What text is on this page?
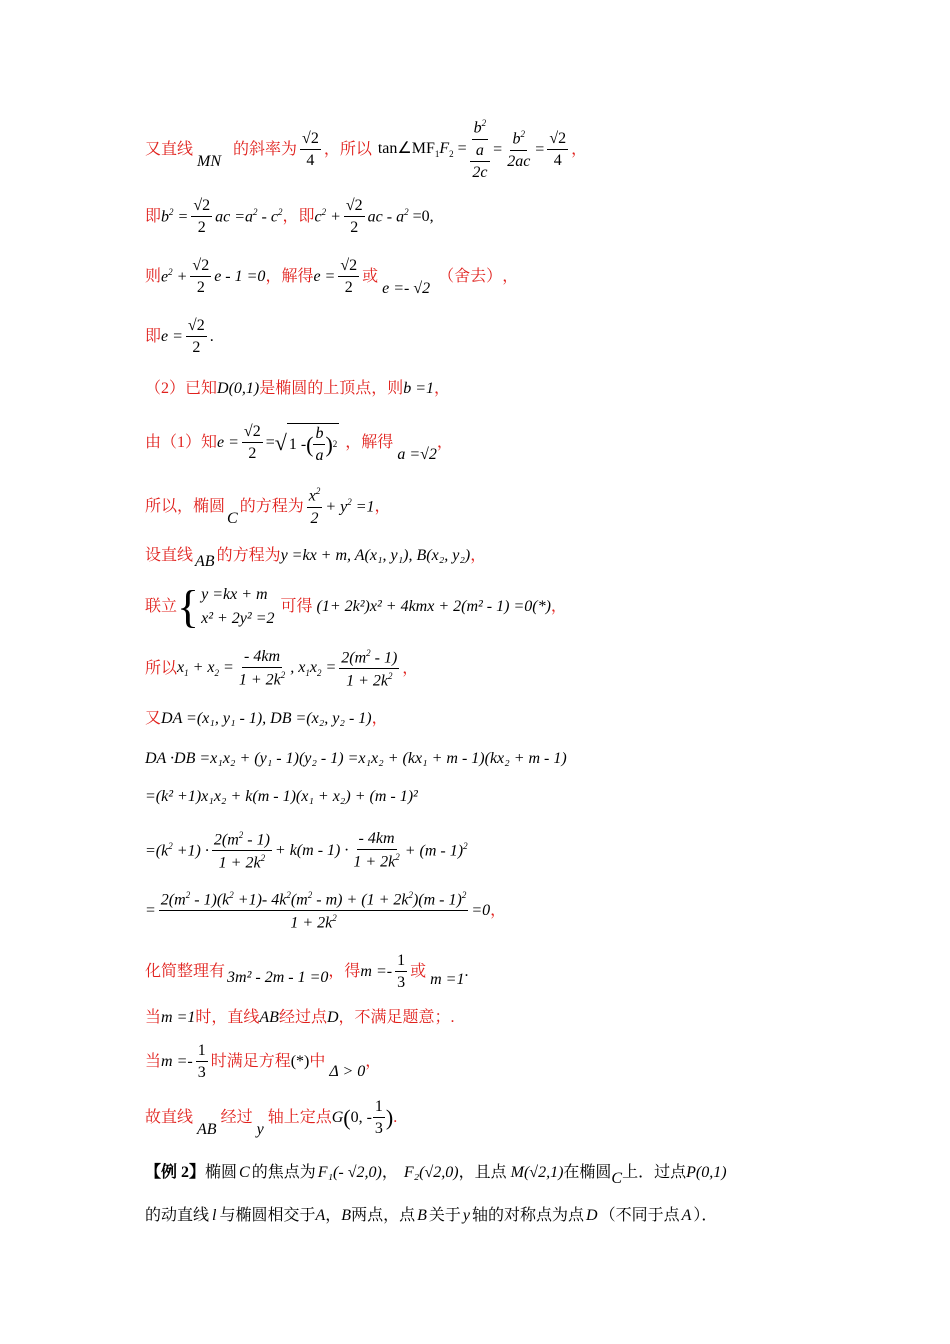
又直线
MN
的斜率为 $\frac{√2}{4}$ ，所以 $\tan\angle MF_1F_2 = \frac{\frac{b^2}{a}}{2c} = \frac{b^2}{2ac} = \frac{√2}{4}$ ，
即 $b^2 = \frac{√2}{2}$ ac $=a^2 - c^2$ ，即 $c^2 + \frac{√2}{2}$ ac - $a^2 =0$,
则 $e^2 + \frac{√2}{2}$ e - 1 =0 ，解得 $e = \frac{√2}{2}$ 或
e =- √2
（舍去） ，
即 $e = \frac{√2}{2}$ .
（2）已知 D(0,1) 是椭圆的上顶点，则 b =1 ，
由（1）知 $e = \frac{√2}{2}$ = √ 1 - ( $\frac{b}{a}$ ) 2 ，解得
a =√2
，
所以，椭圆
C
的方程为 $\frac{x^2}{2} + y^2 =1$ ，
设直线 AB 的方程为 y =kx + m, A(x₁, y₁), B(x₂, y₂) ，
联立 { y =kx + m
x² + 2y² =2
可得 (1+ 2k²)x² + 4kmx + 2(m² - 1) =0(*) ，
所以 $x_1 + x_2 = \frac{- 4km}{1 + 2k^2}$ , $x_1x_2 = \frac{2(m^2 - 1)}{1 + 2k^2}$ ，
又 DA =(x₁, y₁ - 1), DB =(x₂, y₂ - 1) ，
DA ·DB =x₁x₂ + (y₁ - 1)(y₂ - 1) =x₁x₂ + (kx₁ + m - 1)(kx₂ + m - 1)
=(k² +1)x₁x₂ + k(m - 1)(x₁ + x₂) + (m - 1)²
$=(k^2 +1) \cdot \frac{2(m^2 - 1)}{1 + 2k^2} + k(m - 1) \cdot \frac{- 4km}{1 + 2k^2} + (m - 1)^2$
= $\frac{2(m^2 - 1)(k^2 +1)- 4k^2(m^2 - m) + (1 + 2k^2)(m - 1)^2}{1 + 2k^2} =0$ ，
化简整理有 3m² - 2m - 1 =0 ，得 $m =- \frac{1}{3}$ 或 m =1 .
当 m =1 时，直线 AB 经过点 D ，不满足题意；.
当 $m =- \frac{1}{3}$ 时满足方程 (*) 中
Δ > 0
，
故直线
AB
经过
y
轴上定点 G ( 0, - $\frac{1}{3}$ ) .
【例 2】 椭圆 C 的焦点为 F₁(- √2,0) ， F₂(√2,0) ，且点 M(√2,1) 在椭圆 C 上．过点 P(0,1)
的动直线 l 与椭圆相交于 A ， B 两点，点 B 关于 y 轴的对称点为点 D （不同于点 A ）．
